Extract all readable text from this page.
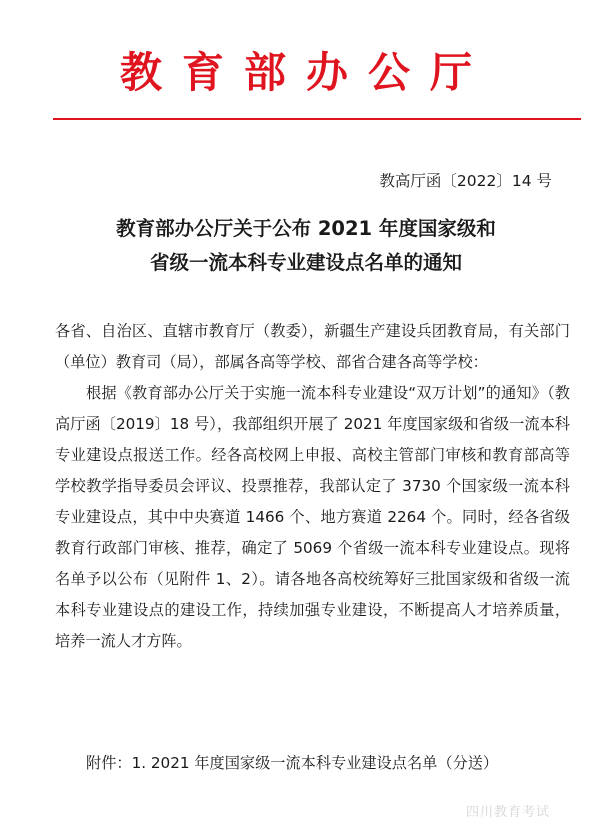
教育部办公厅
教高厅函〔2022〕14 号
教育部办公厅关于公布 2021 年度国家级和
省级一流本科专业建设点名单的通知

各省、自治区、直辖市教育厅（教委），新疆生产建设兵团教育局，有关部门（单位）教育司（局），部属各高等学校、部省合建各高等学校：

根据《教育部办公厅关于实施一流本科专业建设“双万计划”的通知》（教高厅函〔2019〕18 号），我部组织开展了 2021 年度国家级和省级一流本科专业建设点报送工作。经各高校网上申报、高校主管部门审核和教育部高等学校教学指导委员会评议、投票推荐，我部认定了 3730 个国家级一流本科专业建设点，其中中央赛道 1466 个、地方赛道 2264 个。同时，经各省级教育行政部门审核、推荐，确定了 5069 个省级一流本科专业建设点。现将名单予以公布（见附件 1、2）。请各地各高校统筹好三批国家级和省级一流本科专业建设点的建设工作，持续加强专业建设，不断提高人才培养质量，培养一流人才方阵。

附件：1. 2021 年度国家级一流本科专业建设点名单（分送）
四川教育考试
